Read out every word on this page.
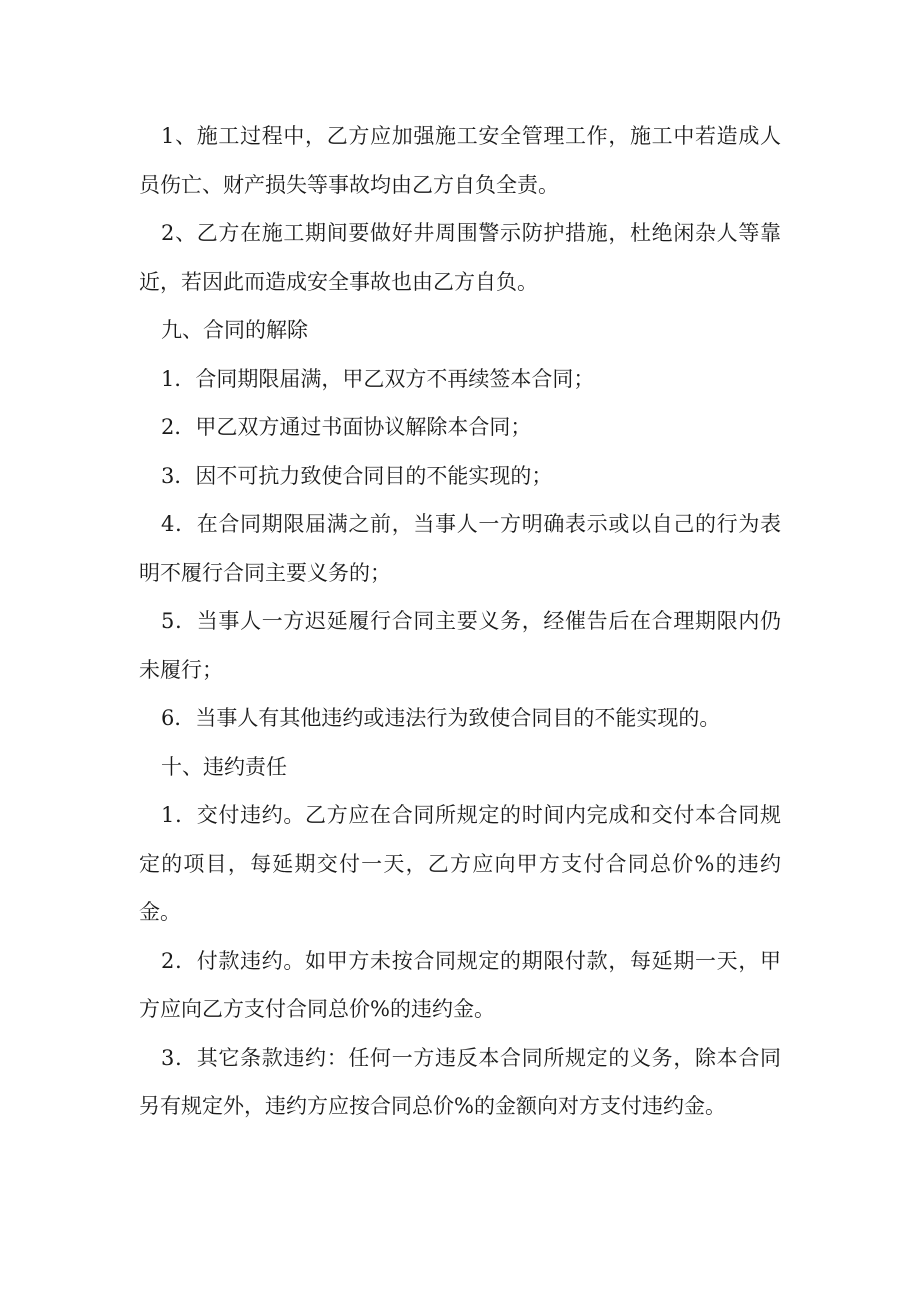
1、施工过程中，乙方应加强施工安全管理工作，施工中若造成人员伤亡、财产损失等事故均由乙方自负全责。

2、乙方在施工期间要做好井周围警示防护措施，杜绝闲杂人等靠近，若因此而造成安全事故也由乙方自负。

九、合同的解除

1．合同期限届满，甲乙双方不再续签本合同；

2．甲乙双方通过书面协议解除本合同；

3．因不可抗力致使合同目的不能实现的；

4．在合同期限届满之前，当事人一方明确表示或以自己的行为表明不履行合同主要义务的；

5．当事人一方迟延履行合同主要义务，经催告后在合理期限内仍未履行；

6．当事人有其他违约或违法行为致使合同目的不能实现的。

十、违约责任

1．交付违约。乙方应在合同所规定的时间内完成和交付本合同规定的项目，每延期交付一天，乙方应向甲方支付合同总价%的违约金。

2．付款违约。如甲方未按合同规定的期限付款，每延期一天，甲方应向乙方支付合同总价%的违约金。

3．其它条款违约：任何一方违反本合同所规定的义务，除本合同另有规定外，违约方应按合同总价%的金额向对方支付违约金。
